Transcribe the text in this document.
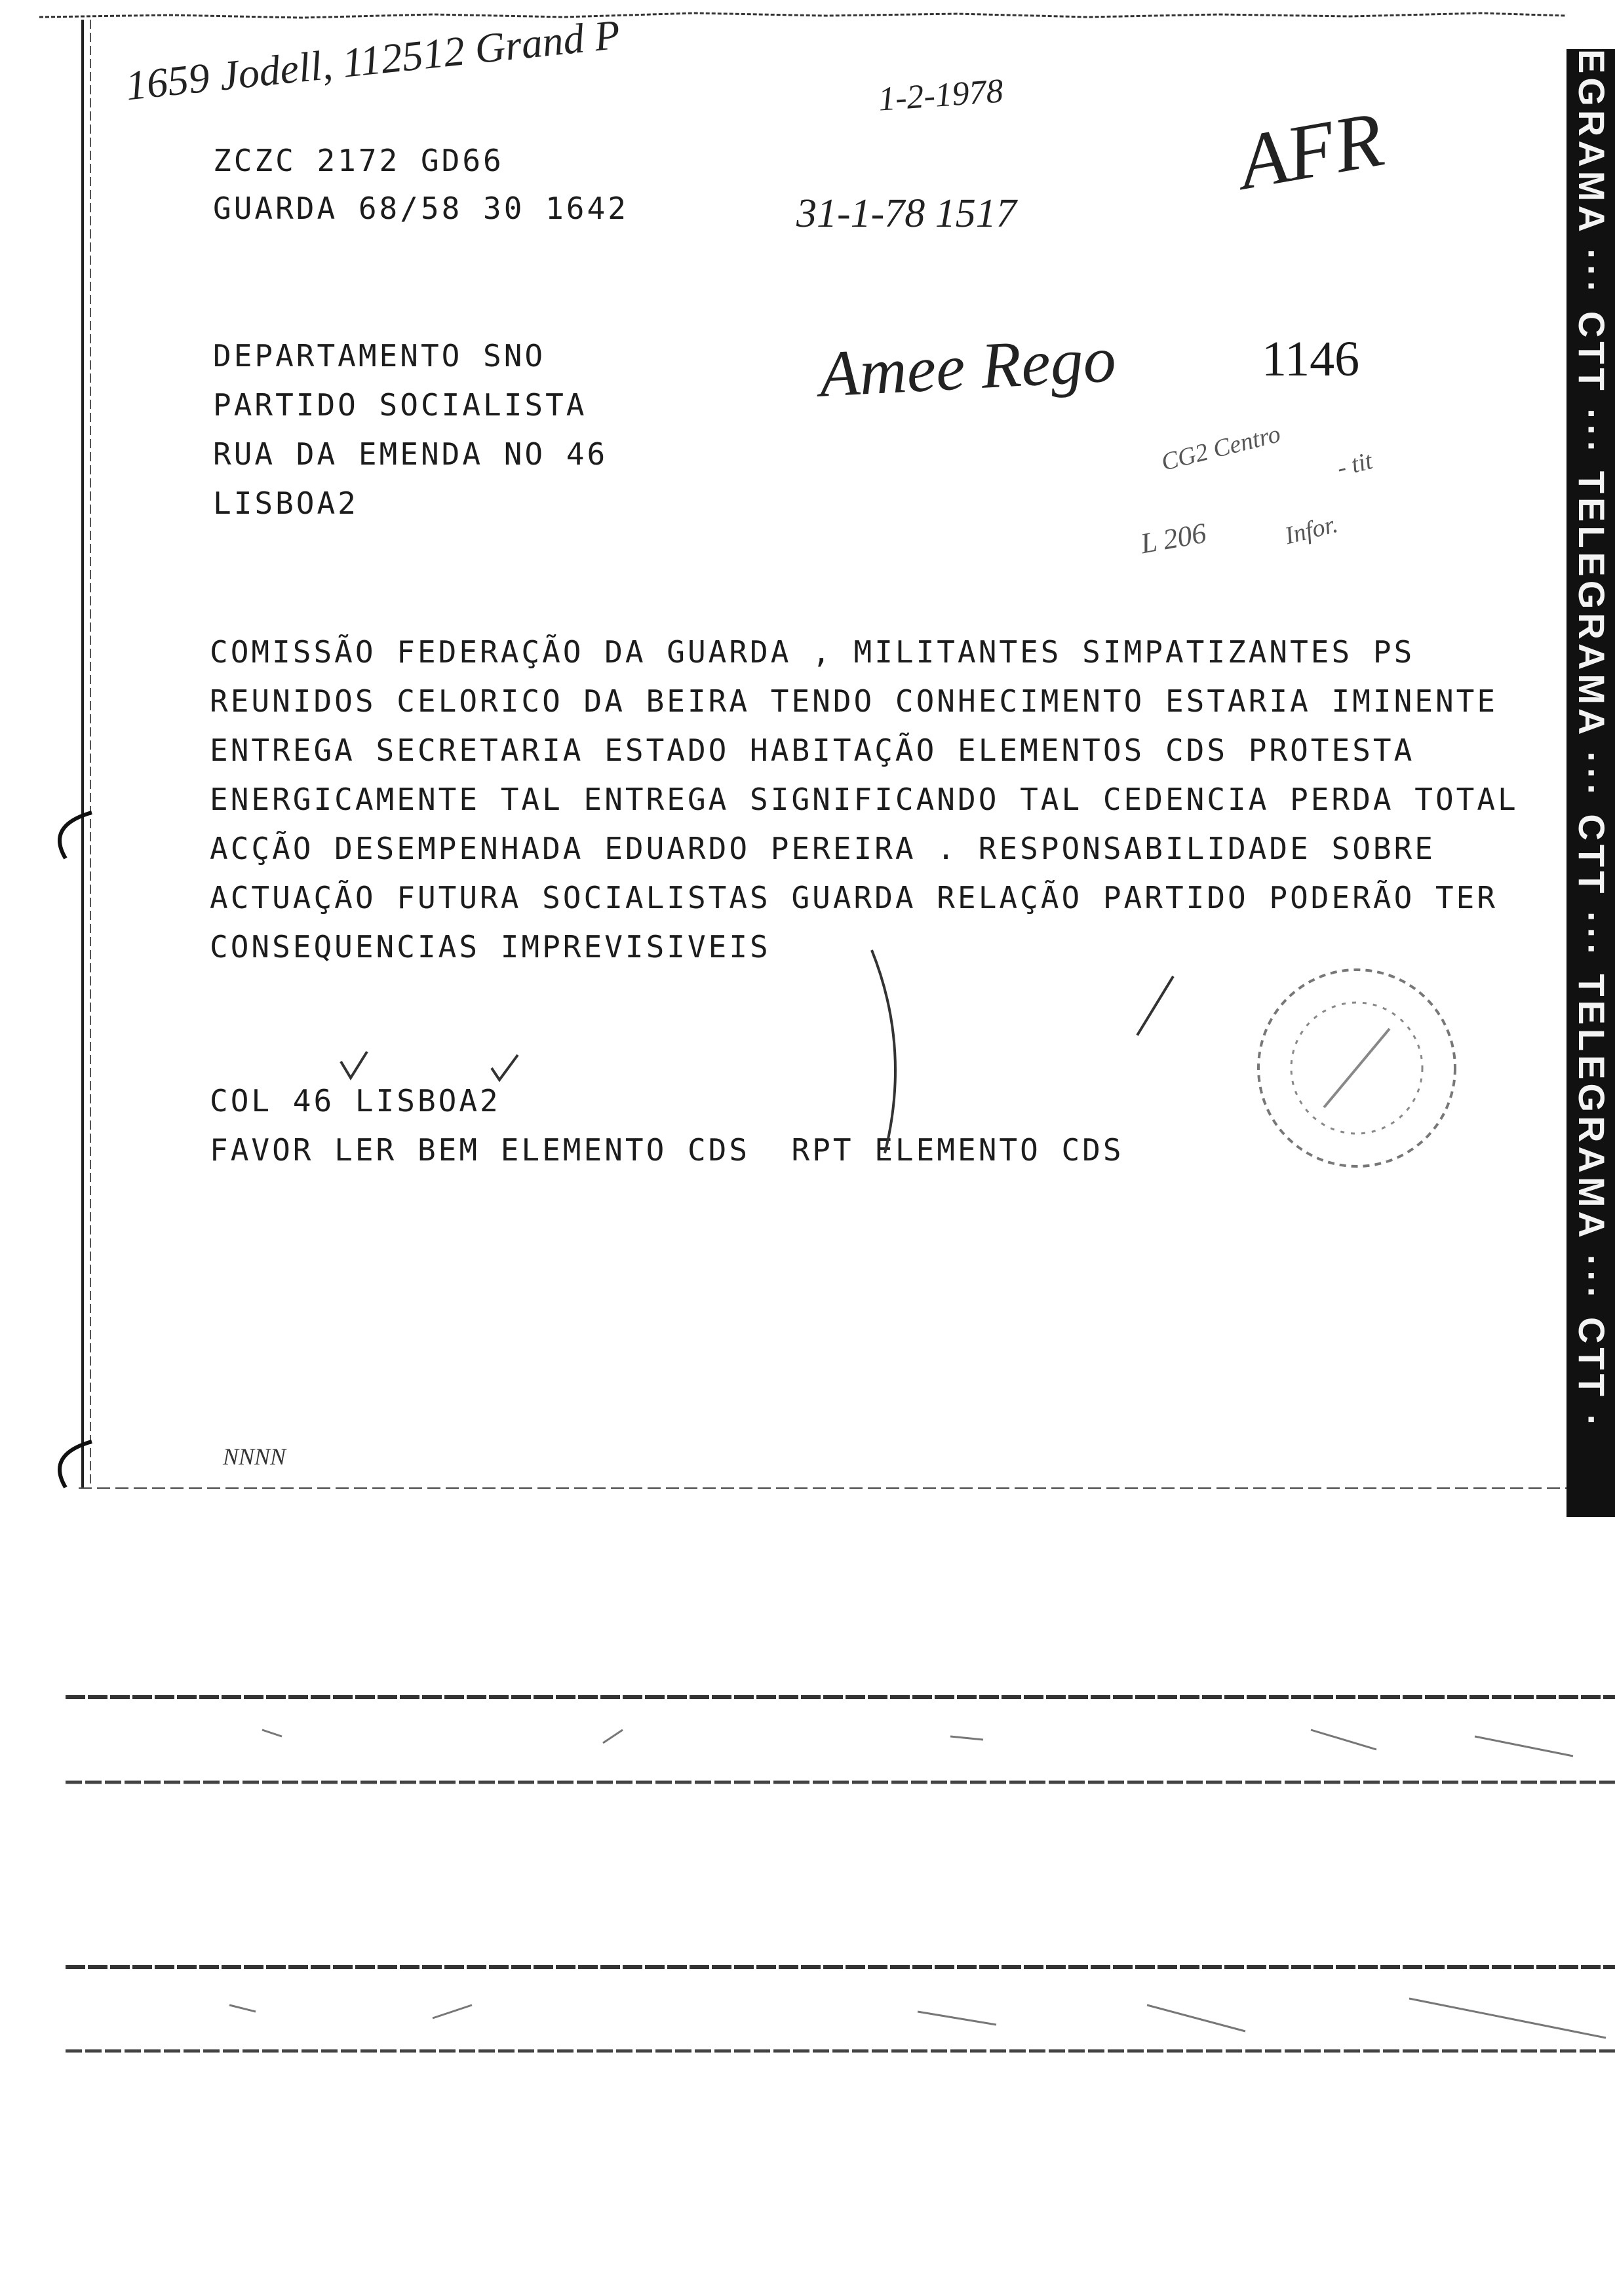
EGRAMA ··· CTT ··· TELEGRAMA ··· CTT ··· TELEGRAMA ··· CTT ·
1659 Jodell, 112512 Grand P	1-2-1978	AFR
31-1-78 1517
Amee Rego	1146
CG2 Centro
L 206
- tit
Infor.
NNNN
ZCZC 2172 GD66
GUARDA 68/58 30 1642
DEPARTAMENTO SNO
PARTIDO SOCIALISTA
RUA DA EMENDA NO 46
LISBOA2
COMISSÃO FEDERAÇÃO DA GUARDA , MILITANTES SIMPATIZANTES PS
REUNIDOS CELORICO DA BEIRA TENDO CONHECIMENTO ESTARIA IMINENTE
ENTREGA SECRETARIA ESTADO HABITAÇÃO ELEMENTOS CDS PROTESTA
ENERGICAMENTE TAL ENTREGA SIGNIFICANDO TAL CEDENCIA PERDA TOTAL
ACÇÃO DESEMPENHADA EDUARDO PEREIRA . RESPONSABILIDADE SOBRE
ACTUAÇÃO FUTURA SOCIALISTAS GUARDA RELAÇÃO PARTIDO PODERÃO TER
CONSEQUENCIAS IMPREVISIVEIS
COL 46 LISBOA2
FAVOR LER BEM ELEMENTO CDS  RPT ELEMENTO CDS
